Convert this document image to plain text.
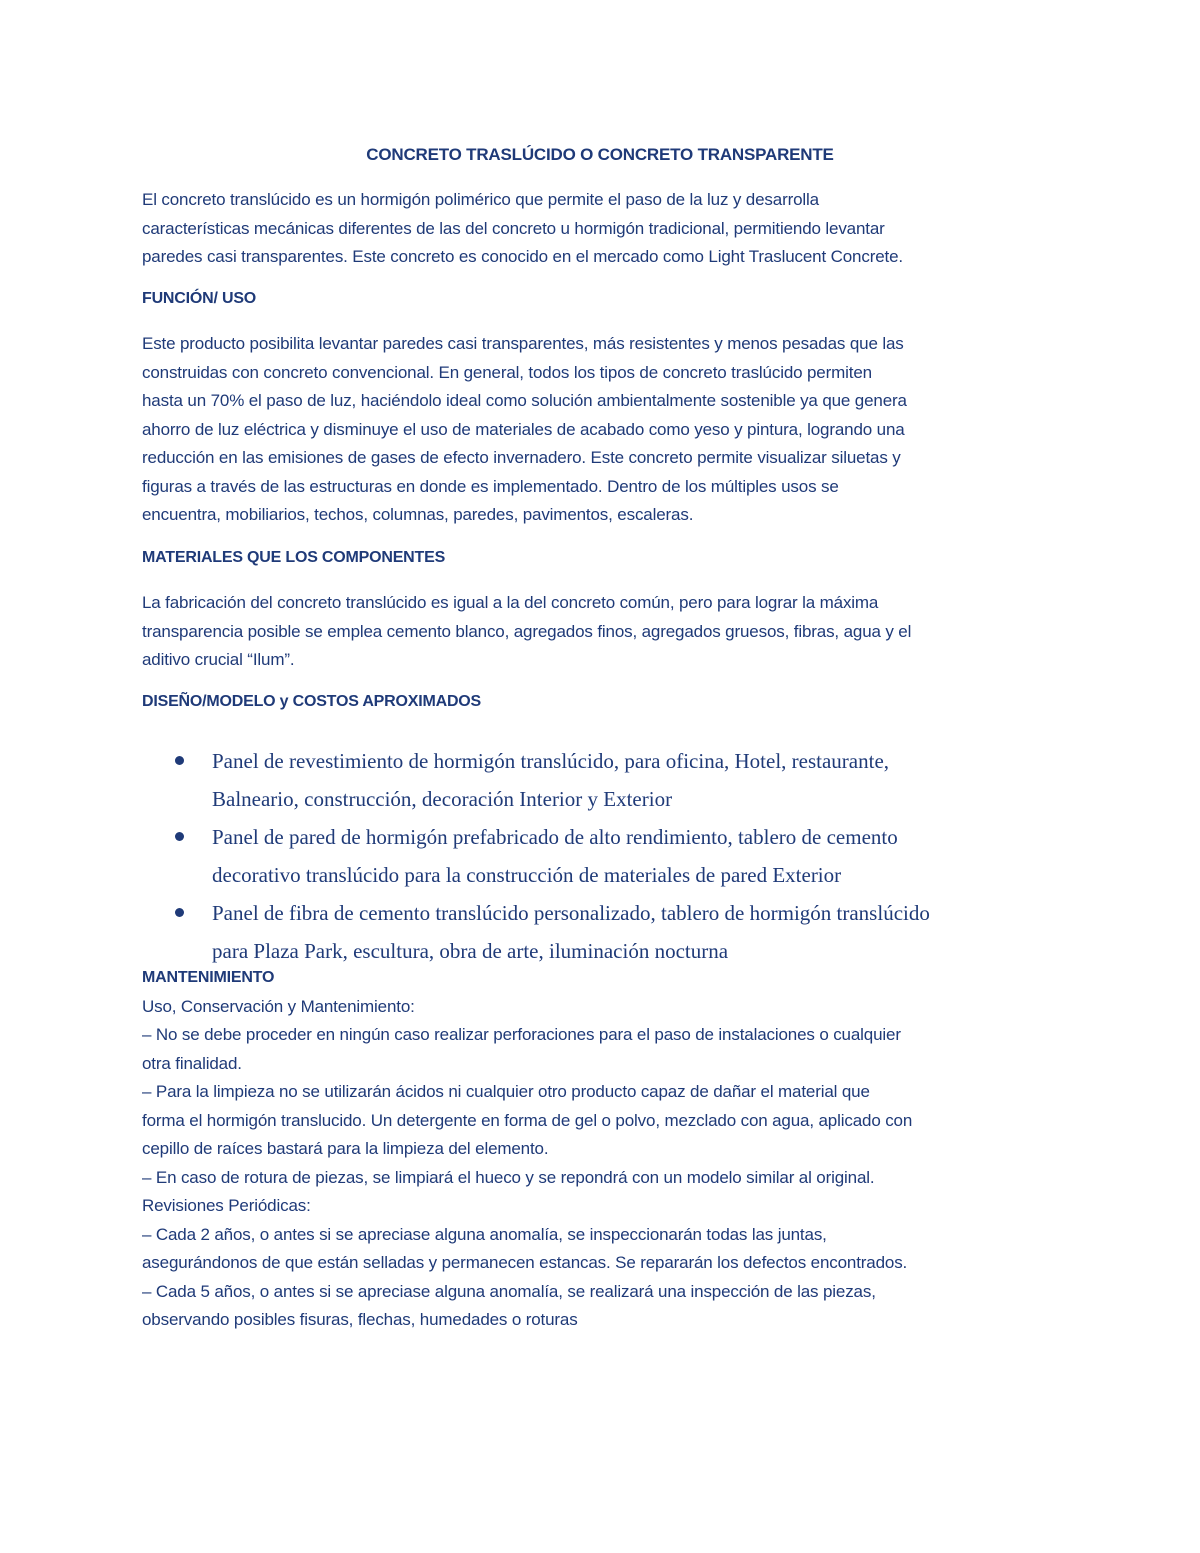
CONCRETO TRASLÚCIDO O CONCRETO TRANSPARENTE

El concreto translúcido es un hormigón polimérico que permite el paso de la luz y desarrolla

características mecánicas diferentes de las del concreto u hormigón tradicional, permitiendo levantar

paredes casi transparentes. Este concreto es conocido en el mercado como Light Traslucent Concrete.

FUNCIÓN/ USO

Este producto posibilita levantar paredes casi transparentes, más resistentes y menos pesadas que las

construidas con concreto convencional. En general, todos los tipos de concreto traslúcido permiten

hasta un 70% el paso de luz, haciéndolo ideal como solución ambientalmente sostenible ya que genera

ahorro de luz eléctrica y disminuye el uso de materiales de acabado como yeso y pintura, logrando una

reducción en las emisiones de gases de efecto invernadero. Este concreto permite visualizar siluetas y

figuras a través de las estructuras en donde es implementado. Dentro de los múltiples usos se

encuentra, mobiliarios, techos, columnas, paredes, pavimentos, escaleras.

MATERIALES QUE LOS COMPONENTES

La fabricación del concreto translúcido es igual a la del concreto común, pero para lograr la máxima

transparencia posible se emplea cemento blanco, agregados finos, agregados gruesos, fibras, agua y el

aditivo crucial “Ilum”.

DISEÑO/MODELO y COSTOS APROXIMADOS
Panel de revestimiento de hormigón translúcido, para oficina, Hotel, restaurante,
Balneario, construcción, decoración Interior y Exterior
Panel de pared de hormigón prefabricado de alto rendimiento, tablero de cemento
decorativo translúcido para la construcción de materiales de pared Exterior
Panel de fibra de cemento translúcido personalizado, tablero de hormigón translúcido
para Plaza Park, escultura, obra de arte, iluminación nocturna

MANTENIMIENTO

Uso, Conservación y Mantenimiento:

– No se debe proceder en ningún caso realizar perforaciones para el paso de instalaciones o cualquier

otra finalidad.

– Para la limpieza no se utilizarán ácidos ni cualquier otro producto capaz de dañar el material que

forma el hormigón translucido. Un detergente en forma de gel o polvo, mezclado con agua, aplicado con

cepillo de raíces bastará para la limpieza del elemento.

– En caso de rotura de piezas, se limpiará el hueco y se repondrá con un modelo similar al original.

Revisiones Periódicas:

– Cada 2 años, o antes si se apreciase alguna anomalía, se inspeccionarán todas las juntas,

asegurándonos de que están selladas y permanecen estancas. Se repararán los defectos encontrados.

– Cada 5 años, o antes si se apreciase alguna anomalía, se realizará una inspección de las piezas,

observando posibles fisuras, flechas, humedades o roturas
